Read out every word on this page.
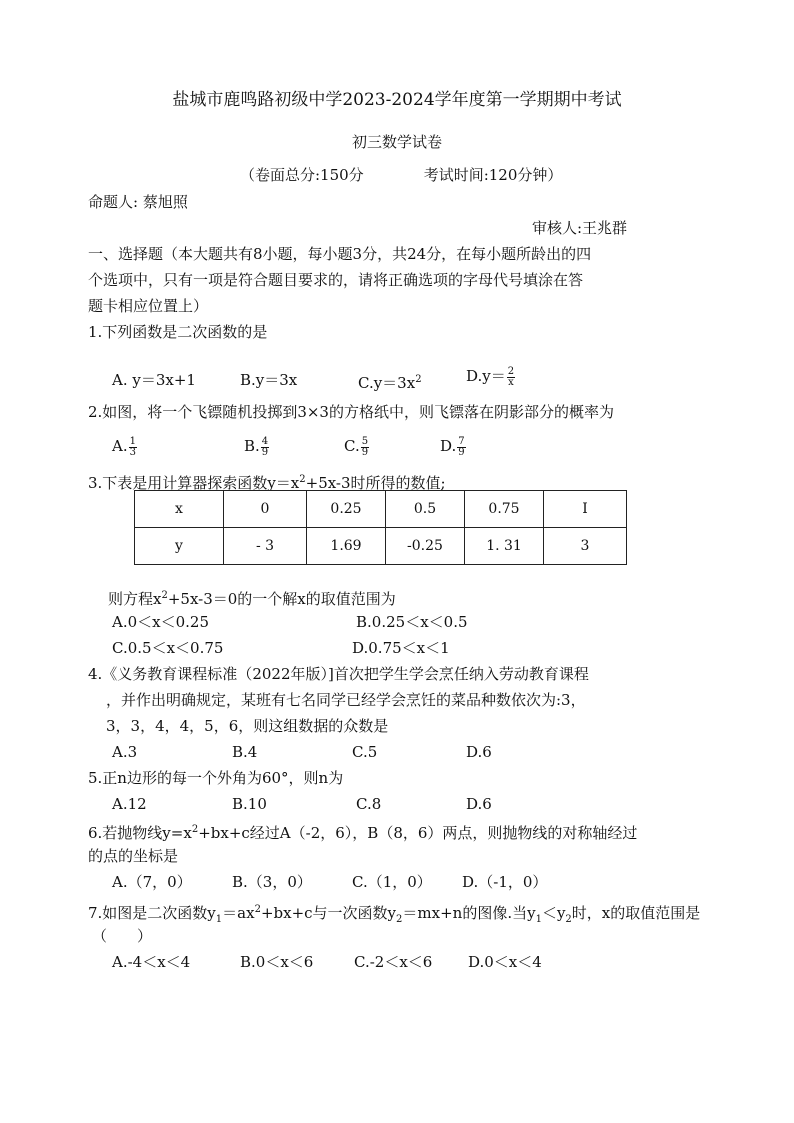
盐城市鹿鸣路初级中学2023-2024学年度第一学期期中考试
初三数学试卷
（卷面总分:150分	考试时间:120分钟）
命题人: 蔡旭照
审核人:王兆群
一、选择题（本大题共有8小题，每小题3分，共24分，在每小题所龄出的四
个选项中，只有一项是符合题目要求的，请将正确选项的字母代号填涂在答
题卡相应位置上）
1.下列函数是二次函数的是
A. y＝3x+1	B.y＝3x	$C.y=3x^2$	$D.y= \frac{2}{x}$
2.如图，将一个飞镖随机投掷到3×3的方格纸中，则飞镖落在阴影部分的概率为
A. $\frac{1}{3}$	B. $\frac{4}{9}$	C. $\frac{5}{9}$	D. $\frac{7}{9}$
3.下表是用计算器探索函数$y=x^2+5x-3$时所得的数值;
x	0	0.25	0.5	0.75	I
y	- 3	1.69	-0.25	1. 31	3
则方程$x^2+5x-3=0$的一个解x的取值范围为
A.0＜x＜0.25	B.0.25＜x＜0.5
C.0.5＜x＜0.75	D.0.75＜x＜1
4.《义务教育课程标准（2022年版）]首次把学生学会烹任纳入劳动教育课程
，并作出明确规定，某班有七名同学已经学会烹饪的菜品种数依次为:3，
3，3，4，4，5，6，则这组数据的众数是
A.3	B.4	C.5	D.6
5.正n边形的每一个外角为60°，则n为
A.12	B.10	C.8	D.6
6.若抛物线$y=x^2+bx+c$经过A（-2，6），B（8，6）两点，则抛物线的对称轴经过
的点的坐标是
A.（7，0）	B.（3，0）	C.（1，0） D.（-1，0）
7.如图是二次函数$y_1=ax^2+bx+c$与一次函数$y_2=mx+n$的图像.当$y_1<y_2$时，x的取值范围是
（　　）
A.-4＜x＜4	B.0＜x＜6	C.-2＜x＜6 D.0＜x＜4
